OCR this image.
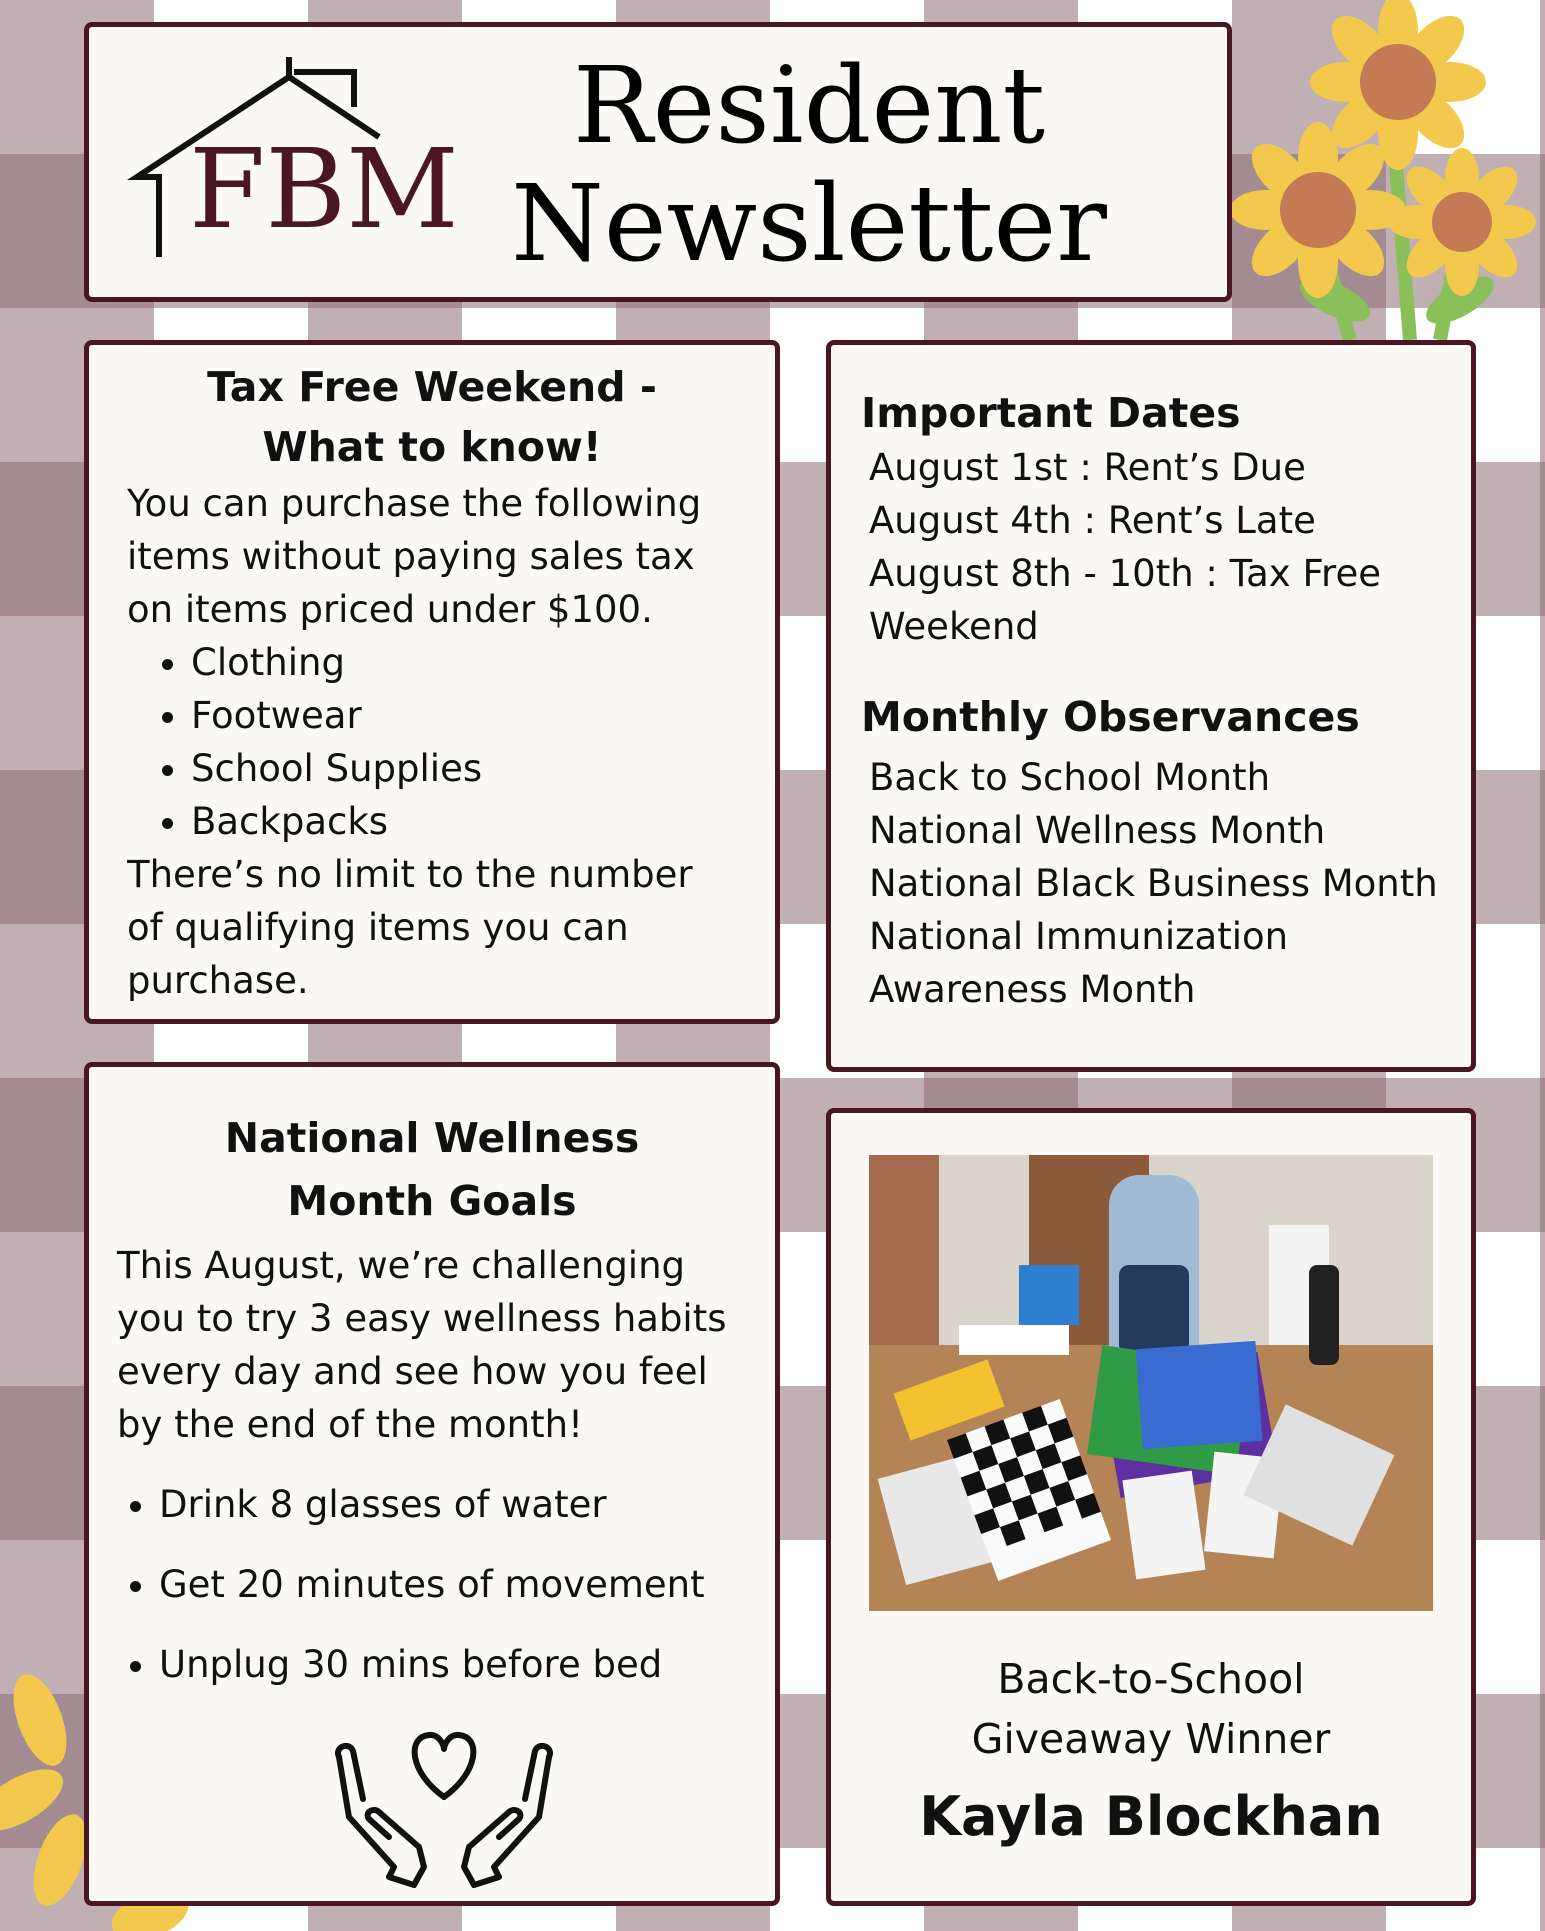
FBM
Resident
Newsletter
Tax Free Weekend -
What to know!
You can purchase the following items without paying sales tax on items priced under $100.
• Clothing
• Footwear
• School Supplies
• Backpacks
There’s no limit to the number of qualifying items you can purchase.
Important Dates
August 1st : Rent’s Due
August 4th : Rent’s Late
August 8th - 10th : Tax Free Weekend
Monthly Observances
Back to School Month
National Wellness Month
National Black Business Month
National Immunization Awareness Month
National Wellness
Month Goals
This August, we’re challenging you to try 3 easy wellness habits every day and see how you feel by the end of the month!
• Drink 8 glasses of water
• Get 20 minutes of movement
• Unplug 30 mins before bed	Back-to-School
Giveaway Winner
Kayla Blockhan
